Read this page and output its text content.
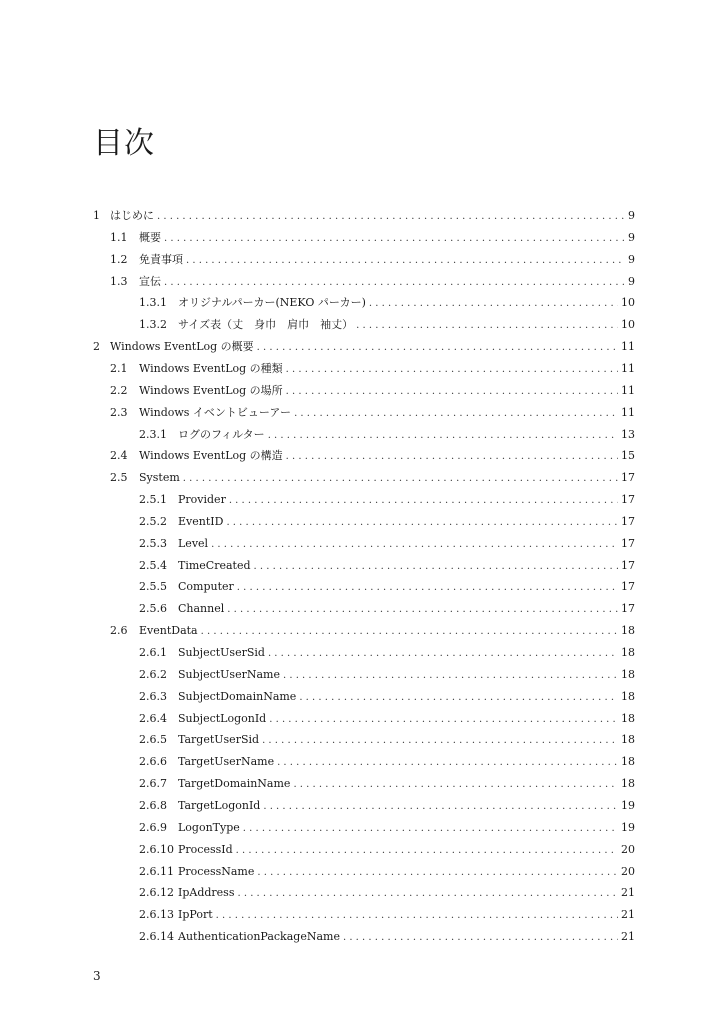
目次
1 はじめに . . .	9
1.1	概要 . . .	9
1.2	免責事項 . . .	9
1.3	宣伝 . . .	9
1.3.1	オリジナルパーカー(NEKO パーカー) . . .	10
1.3.2	サイズ表（丈　身巾　肩巾　袖丈） . . .	10
2 Windows EventLog の概要 . . .	11
2.1	Windows EventLog の種類 . . .	11
2.2	Windows EventLog の場所 . . .	11
2.3	Windows イベントビューアー . . .	11
2.3.1	ログのフィルター . . .	13
2.4	Windows EventLog の構造 . . .	15
2.5	System . . .	17
2.5.1	Provider . . .	17
2.5.2	EventID . . .	17
2.5.3	Level . . .	17
2.5.4	TimeCreated . . .	17
2.5.5	Computer . . .	17
2.5.6	Channel . . .	17
2.6	EventData . . .	18
2.6.1	SubjectUserSid . . .	18
2.6.2	SubjectUserName . . .	18
2.6.3	SubjectDomainName . . .	18
2.6.4	SubjectLogonId . . .	18
2.6.5	TargetUserSid . . .	18
2.6.6	TargetUserName . . .	18
2.6.7	TargetDomainName . . .	18
2.6.8	TargetLogonId . . .	19
2.6.9	LogonType . . .	19
2.6.10 ProcessId . . .	20
2.6.11 ProcessName . . .	20
2.6.12 IpAddress . . .	21
2.6.13 IpPort . . .	21
2.6.14 AuthenticationPackageName . . .	21
3
